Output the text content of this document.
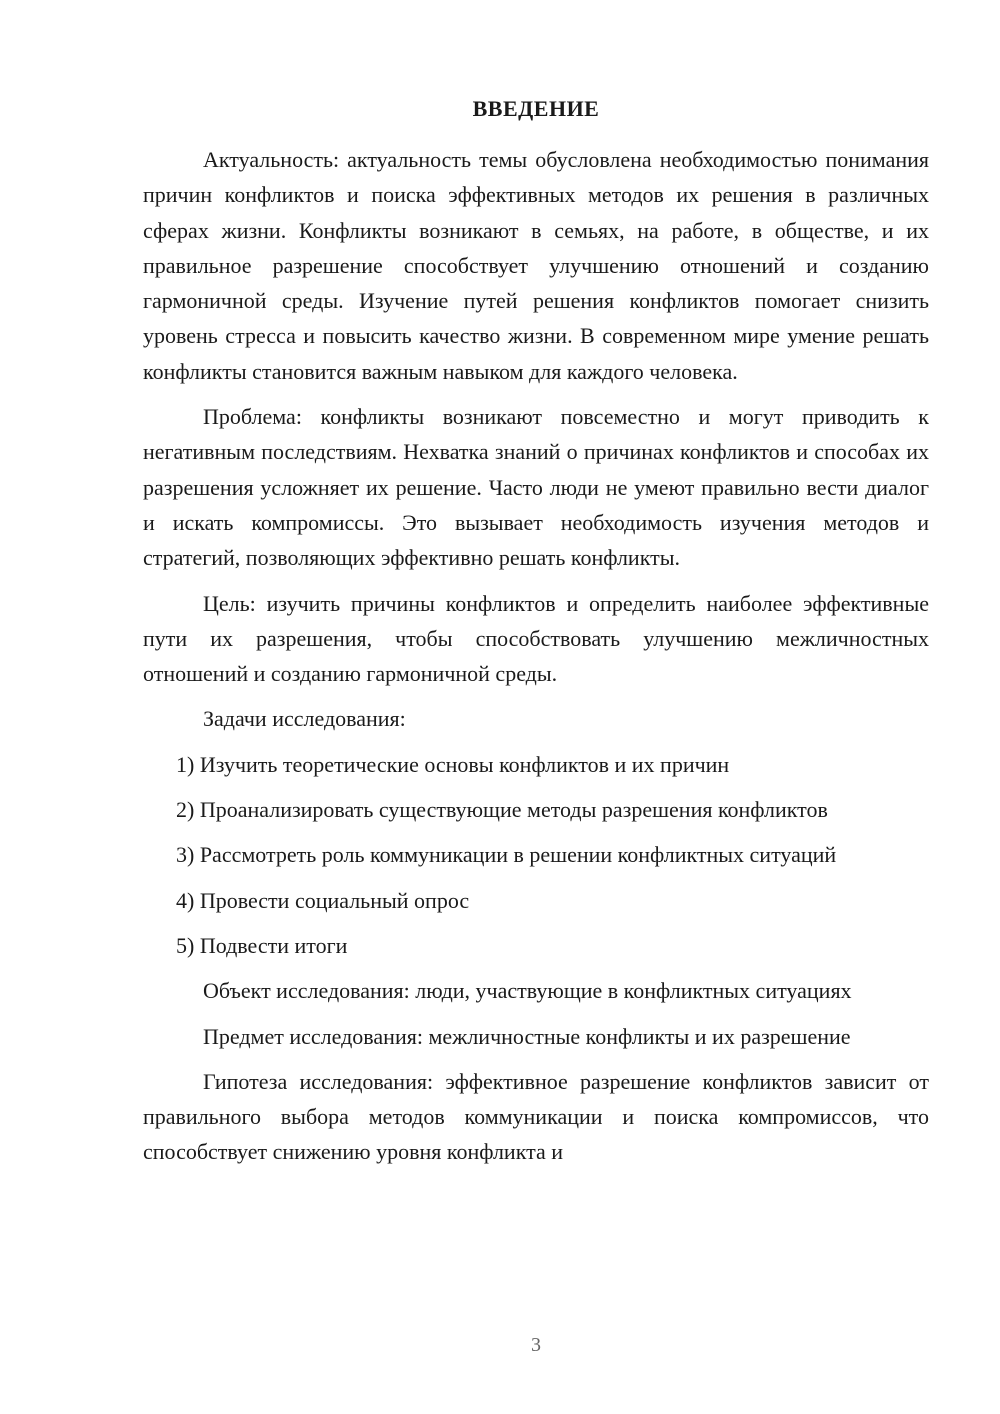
ВВЕДЕНИЕ

Актуальность: актуальность темы обусловлена необходимостью понимания причин конфликтов и поиска эффективных методов их решения в различных сферах жизни. Конфликты возникают в семьях, на работе, в обществе, и их правильное разрешение способствует улучшению отношений и созданию гармоничной среды. Изучение путей решения конфликтов помогает снизить уровень стресса и повысить качество жизни. В современном мире умение решать конфликты становится важным навыком для каждого человека.

Проблема: конфликты возникают повсеместно и могут приводить к негативным последствиям. Нехватка знаний о причинах конфликтов и способах их разрешения усложняет их решение. Часто люди не умеют правильно вести диалог и искать компромиссы. Это вызывает необходимость изучения методов и стратегий, позволяющих эффективно решать конфликты.

Цель: изучить причины конфликтов и определить наиболее эффективные пути их разрешения, чтобы способствовать улучшению межличностных отношений и созданию гармоничной среды.

Задачи исследования:

1) Изучить теоретические основы конфликтов и их причин

2) Проанализировать существующие методы разрешения конфликтов

3) Рассмотреть роль коммуникации в решении конфликтных ситуаций

4) Провести социальный опрос

5) Подвести итоги

Объект исследования: люди, участвующие в конфликтных ситуациях

Предмет исследования: межличностные конфликты и их разрешение

Гипотеза исследования: эффективное разрешение конфликтов зависит от правильного выбора методов коммуникации и поиска компромиссов, что способствует снижению уровня конфликта и

3
